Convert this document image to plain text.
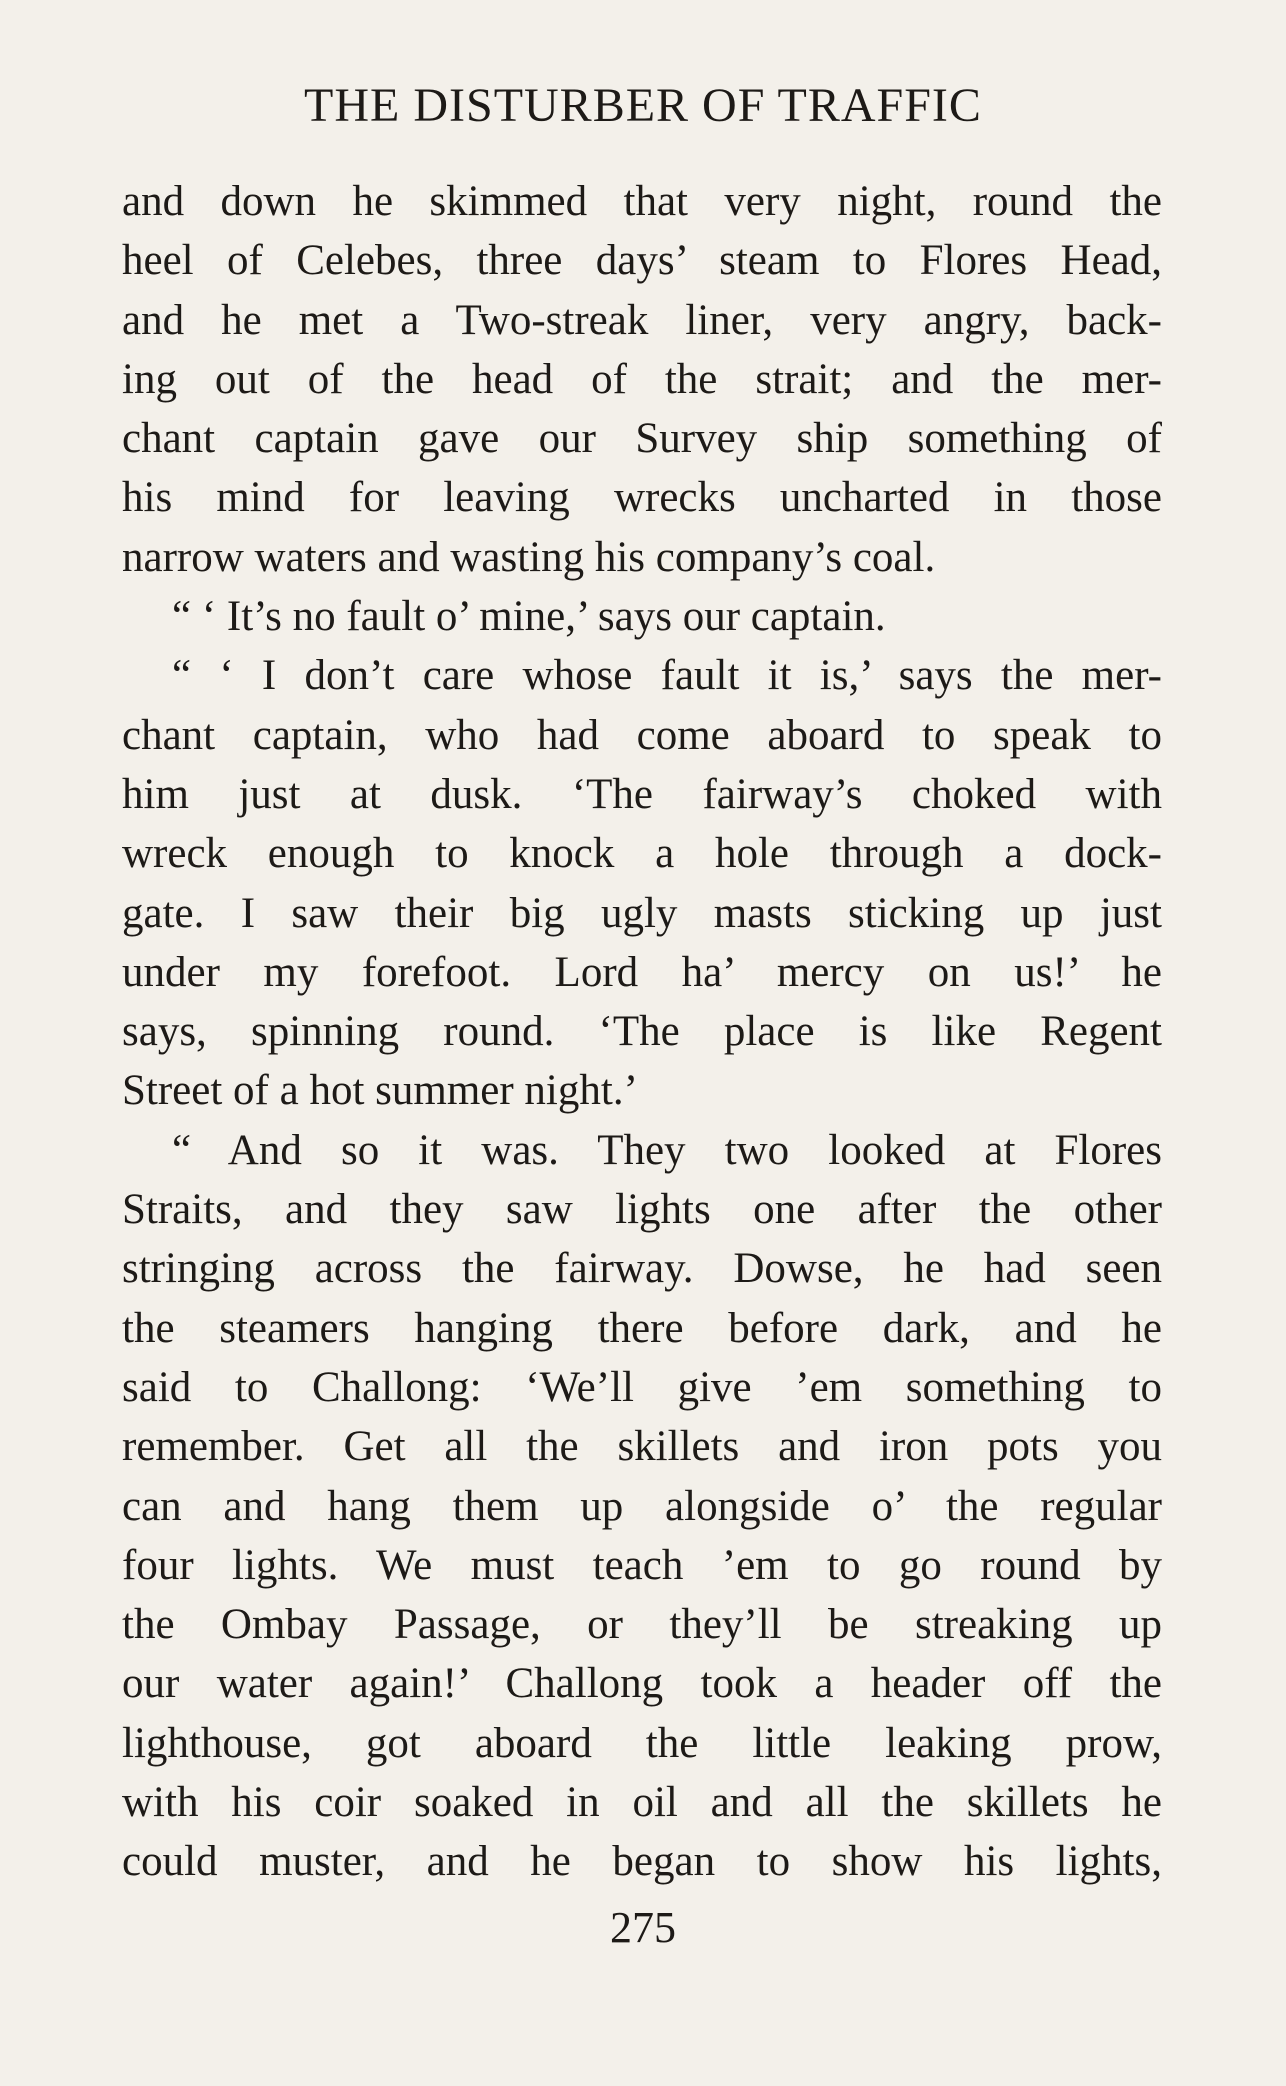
THE DISTURBER OF TRAFFIC
and down he skimmed that very night, round the
heel of Celebes, three days’ steam to Flores Head,
and he met a Two-streak liner, very angry, back-
ing out of the head of the strait; and the mer-
chant captain gave our Survey ship something of
his mind for leaving wrecks uncharted in those
narrow waters and wasting his company’s coal.
“ ‘ It’s no fault o’ mine,’ says our captain.
“ ‘ I don’t care whose fault it is,’ says the mer-
chant captain, who had come aboard to speak to
him just at dusk. ‘The fairway’s choked with
wreck enough to knock a hole through a dock-
gate. I saw their big ugly masts sticking up just
under my forefoot. Lord ha’ mercy on us!’ he
says, spinning round. ‘The place is like Regent
Street of a hot summer night.’
“ And so it was. They two looked at Flores
Straits, and they saw lights one after the other
stringing across the fairway. Dowse, he had seen
the steamers hanging there before dark, and he
said to Challong: ‘We’ll give ’em something to
remember. Get all the skillets and iron pots you
can and hang them up alongside o’ the regular
four lights. We must teach ’em to go round by
the Ombay Passage, or they’ll be streaking up
our water again!’ Challong took a header off the
lighthouse, got aboard the little leaking prow,
with his coir soaked in oil and all the skillets he
could muster, and he began to show his lights,
275
